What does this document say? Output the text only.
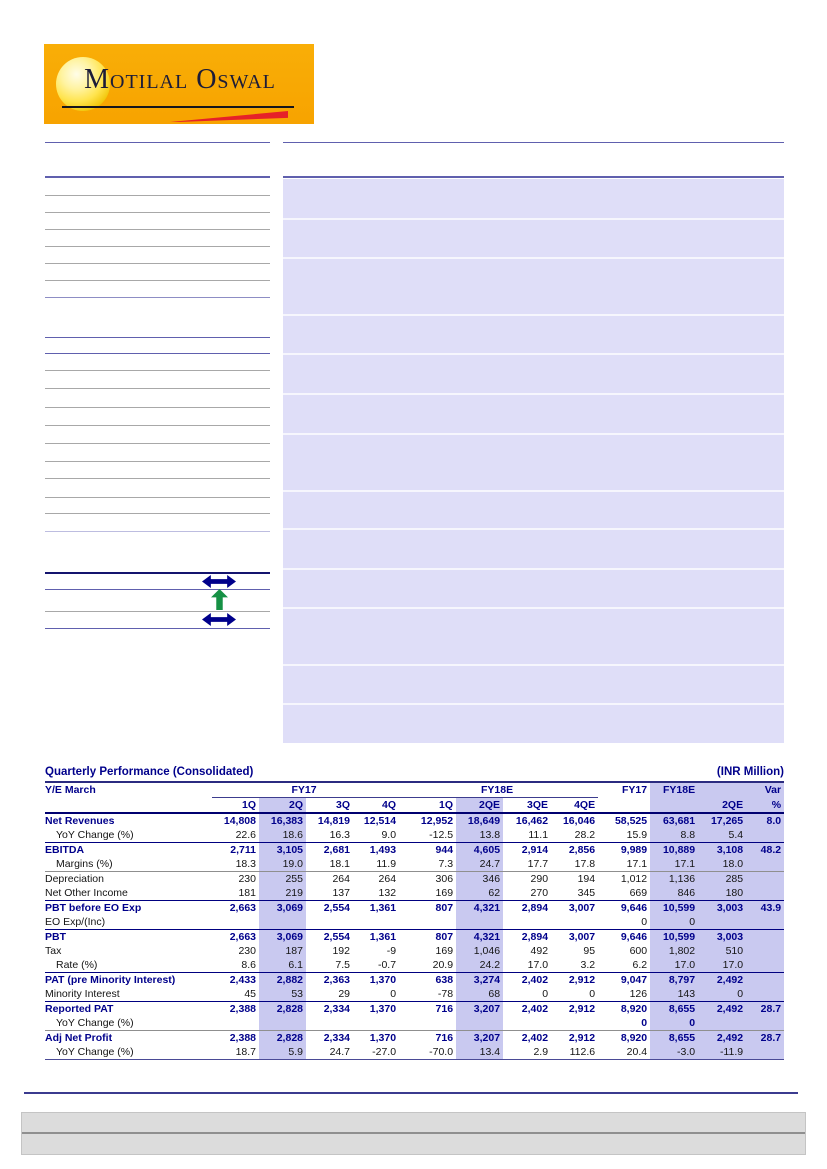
Motilal Oswal
Quarterly Performance (Consolidated)	(INR Million)
Y/E March	FY17				FY18E				FY17	FY18E		Var
	1Q	2Q	3Q	4Q	1Q	2QE	3QE	4QE			2QE	%
Net Revenues	14,808	16,383	14,819	12,514	12,952	18,649	16,462	16,046	58,525	63,681	17,265	8.0
YoY Change (%)	22.6	18.6	16.3	9.0	-12.5	13.8	11.1	28.2	15.9	8.8	5.4	
EBITDA	2,711	3,105	2,681	1,493	944	4,605	2,914	2,856	9,989	10,889	3,108	48.2
Margins (%)	18.3	19.0	18.1	11.9	7.3	24.7	17.7	17.8	17.1	17.1	18.0	
Depreciation	230	255	264	264	306	346	290	194	1,012	1,136	285	
Net Other Income	181	219	137	132	169	62	270	345	669	846	180	
PBT before EO Exp	2,663	3,069	2,554	1,361	807	4,321	2,894	3,007	9,646	10,599	3,003	43.9
EO Exp/(Inc)									0	0		
PBT	2,663	3,069	2,554	1,361	807	4,321	2,894	3,007	9,646	10,599	3,003	
Tax	230	187	192	-9	169	1,046	492	95	600	1,802	510	
Rate (%)	8.6	6.1	7.5	-0.7	20.9	24.2	17.0	3.2	6.2	17.0	17.0	
PAT (pre Minority Interest)	2,433	2,882	2,363	1,370	638	3,274	2,402	2,912	9,047	8,797	2,492	
Minority Interest	45	53	29	0	-78	68	0	0	126	143	0	
Reported PAT	2,388	2,828	2,334	1,370	716	3,207	2,402	2,912	8,920	8,655	2,492	28.7
YoY Change (%)									0	0		
Adj Net Profit	2,388	2,828	2,334	1,370	716	3,207	2,402	2,912	8,920	8,655	2,492	28.7
YoY Change (%)	18.7	5.9	24.7	-27.0	-70.0	13.4	2.9	112.6	20.4	-3.0	-11.9	
